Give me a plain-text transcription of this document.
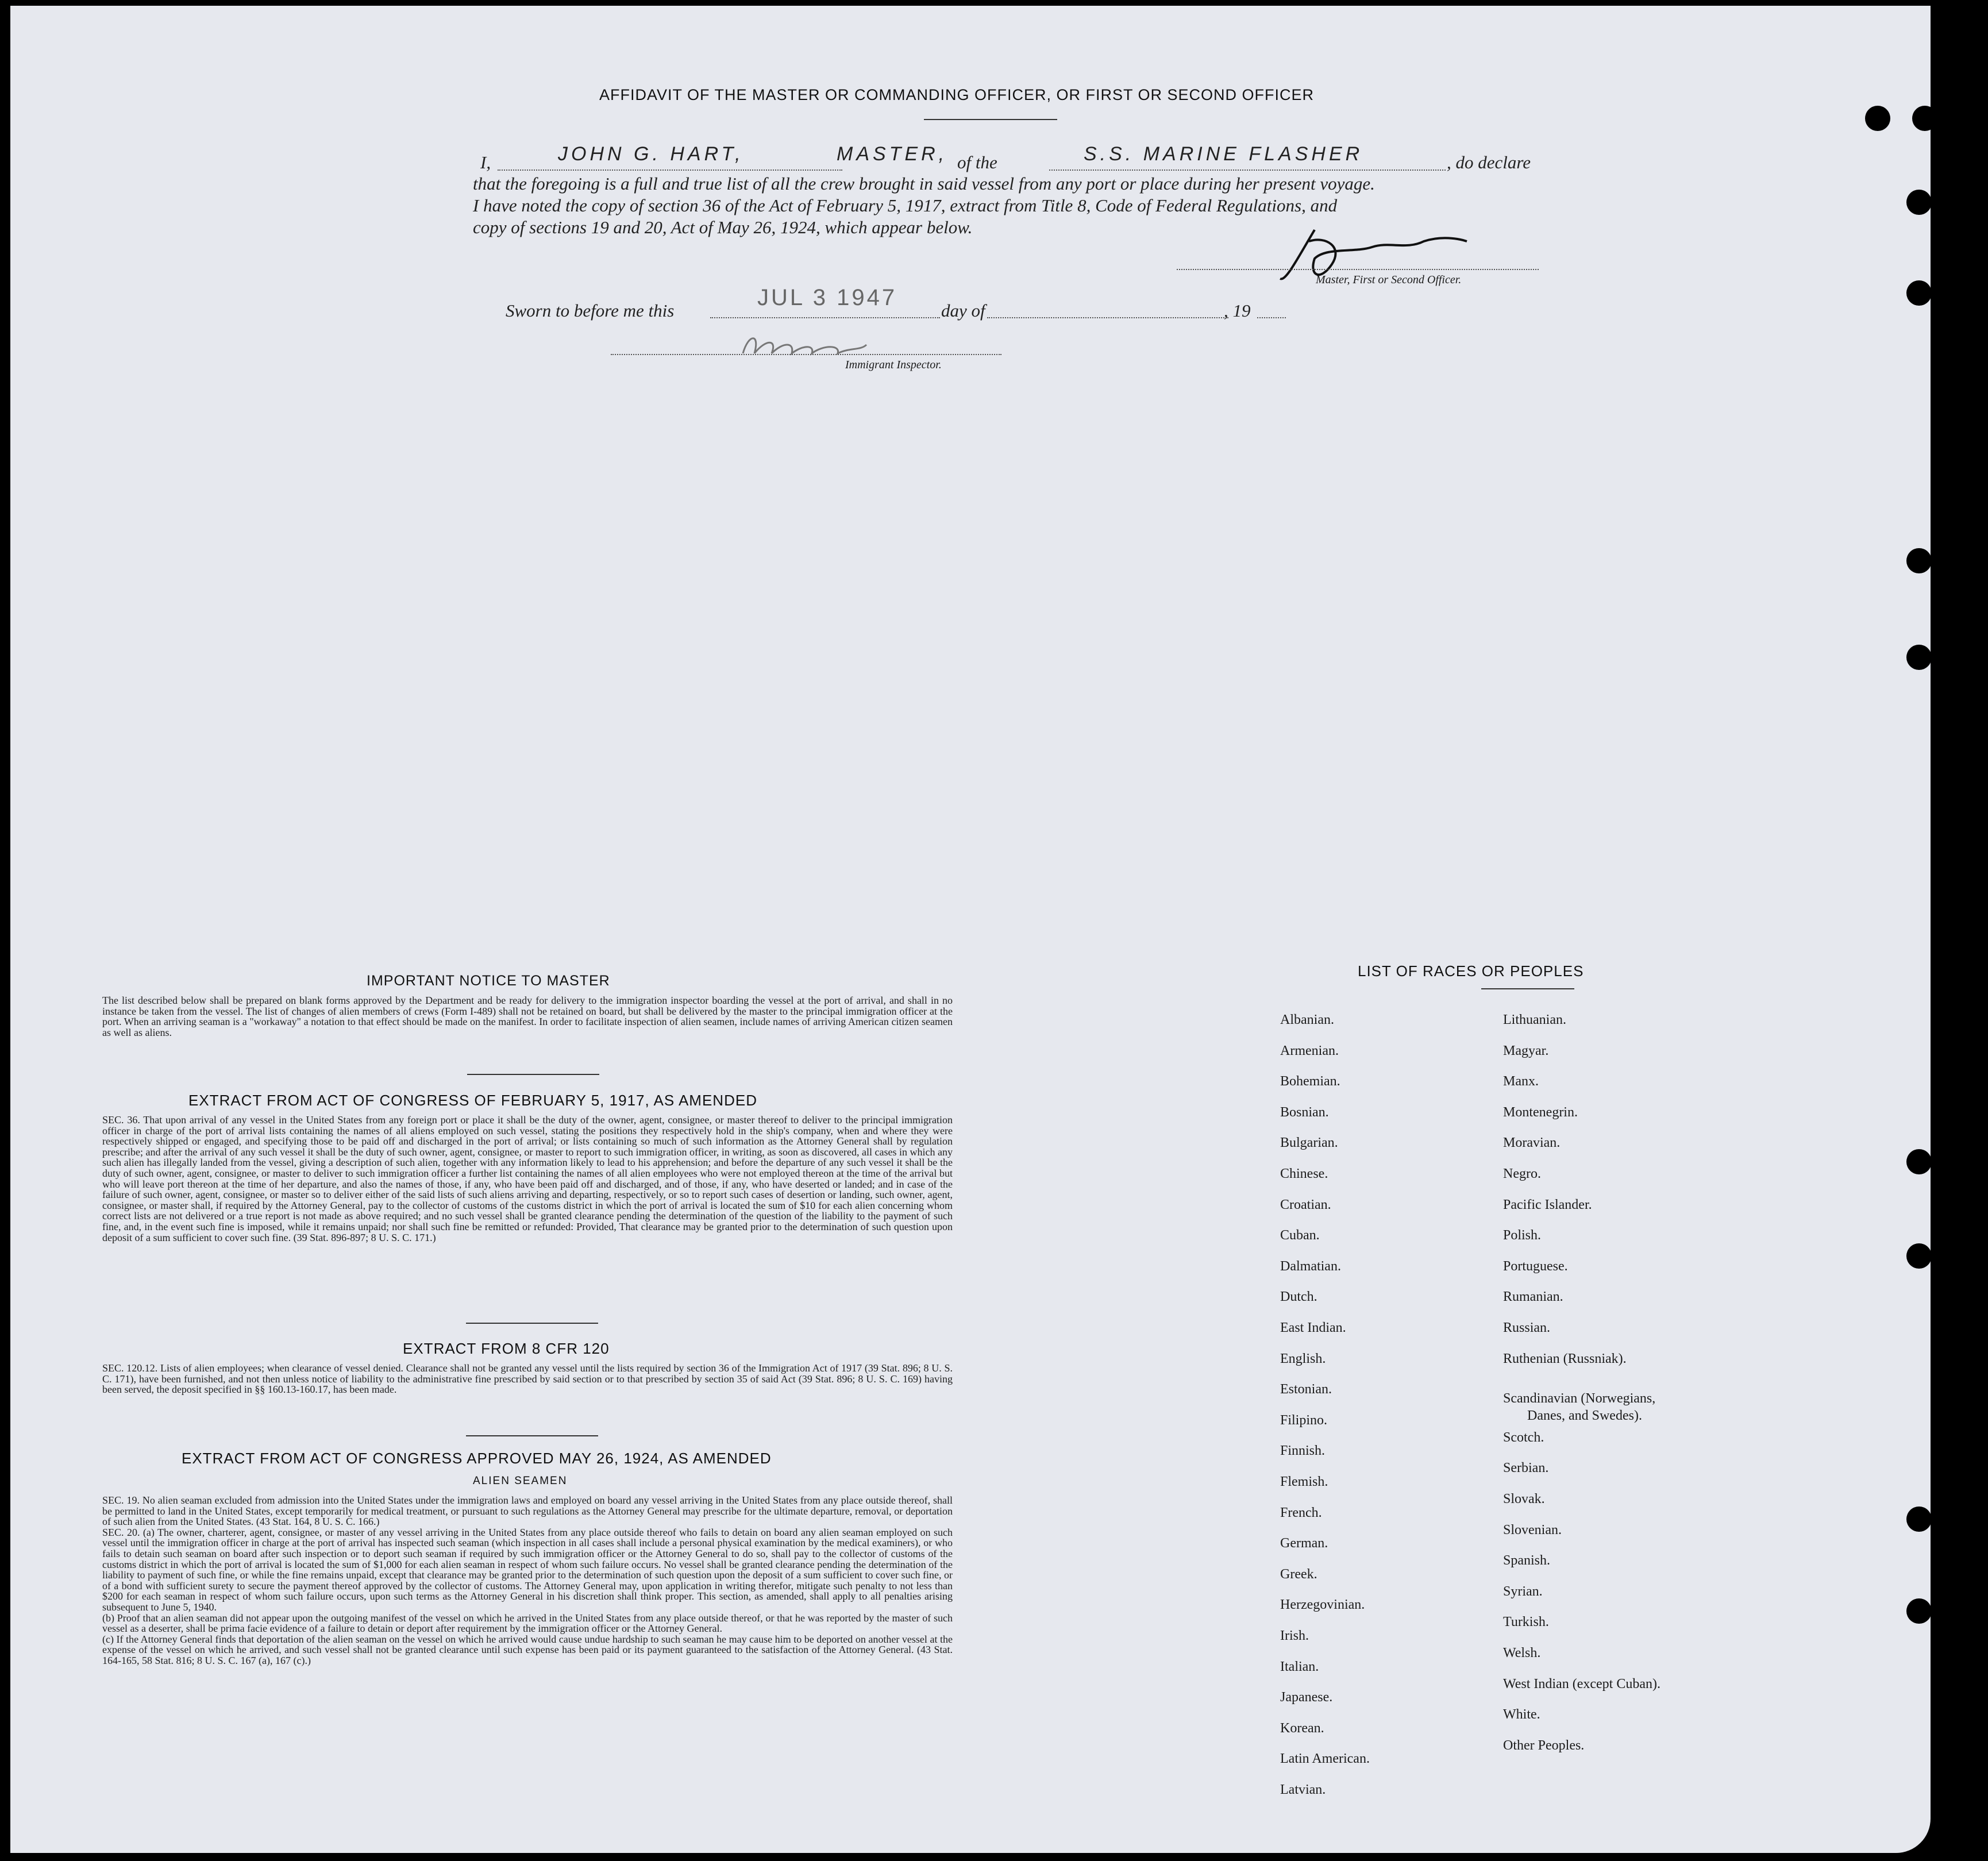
AFFIDAVIT OF THE MASTER OR COMMANDING OFFICER, OR FIRST OR SECOND OFFICER
I,	JOHN G. HART,	MASTER, of the	S.S. MARINE FLASHER	, do declare
that the foregoing is a full and true list of all the crew brought in said vessel from any port or place during her present voyage.
I have noted the copy of section 36 of the Act of February 5, 1917, extract from Title 8, Code of Federal Regulations, and
copy of sections 19 and 20, Act of May 26, 1924, which appear below.
Master, First or Second Officer.
Sworn to before me this
JUL 3 1947
day of	, 19
Immigrant Inspector.
IMPORTANT NOTICE TO MASTER
The list described below shall be prepared on blank forms approved by the Department and be ready for delivery to the immigration inspector boarding the vessel at the port of arrival, and shall in no instance be taken from the vessel. The list of changes of alien members of crews (Form I-489) shall not be retained on board, but shall be delivered by the master to the principal immigration officer at the port. When an arriving seaman is a "workaway" a notation to that effect should be made on the manifest. In order to facilitate inspection of alien seamen, include names of arriving American citizen seamen as well as aliens.
EXTRACT FROM ACT OF CONGRESS OF FEBRUARY 5, 1917, AS AMENDED
SEC. 36. That upon arrival of any vessel in the United States from any foreign port or place it shall be the duty of the owner, agent, consignee, or master thereof to deliver to the principal immigration officer in charge of the port of arrival lists containing the names of all aliens employed on such vessel, stating the positions they respectively hold in the ship's company, when and where they were respectively shipped or engaged, and specifying those to be paid off and discharged in the port of arrival; or lists containing so much of such information as the Attorney General shall by regulation prescribe; and after the arrival of any such vessel it shall be the duty of such owner, agent, consignee, or master to report to such immigration officer, in writing, as soon as discovered, all cases in which any such alien has illegally landed from the vessel, giving a description of such alien, together with any information likely to lead to his apprehension; and before the departure of any such vessel it shall be the duty of such owner, agent, consignee, or master to deliver to such immigration officer a further list containing the names of all alien employees who were not employed thereon at the time of the arrival but who will leave port thereon at the time of her departure, and also the names of those, if any, who have been paid off and discharged, and of those, if any, who have deserted or landed; and in case of the failure of such owner, agent, consignee, or master so to deliver either of the said lists of such aliens arriving and departing, respectively, or so to report such cases of desertion or landing, such owner, agent, consignee, or master shall, if required by the Attorney General, pay to the collector of customs of the customs district in which the port of arrival is located the sum of $10 for each alien concerning whom correct lists are not delivered or a true report is not made as above required; and no such vessel shall be granted clearance pending the determination of the question of the liability to the payment of such fine, and, in the event such fine is imposed, while it remains unpaid; nor shall such fine be remitted or refunded: Provided, That clearance may be granted prior to the determination of such question upon deposit of a sum sufficient to cover such fine. (39 Stat. 896-897; 8 U. S. C. 171.)
EXTRACT FROM 8 CFR 120
SEC. 120.12. Lists of alien employees; when clearance of vessel denied. Clearance shall not be granted any vessel until the lists required by section 36 of the Immigration Act of 1917 (39 Stat. 896; 8 U. S. C. 171), have been furnished, and not then unless notice of liability to the administrative fine prescribed by said section or to that prescribed by section 35 of said Act (39 Stat. 896; 8 U. S. C. 169) having been served, the deposit specified in §§ 160.13-160.17, has been made.
EXTRACT FROM ACT OF CONGRESS APPROVED MAY 26, 1924, AS AMENDED
ALIEN SEAMEN

SEC. 19. No alien seaman excluded from admission into the United States under the immigration laws and employed on board any vessel arriving in the United States from any place outside thereof, shall be permitted to land in the United States, except temporarily for medical treatment, or pursuant to such regulations as the Attorney General may prescribe for the ultimate departure, removal, or deportation of such alien from the United States. (43 Stat. 164, 8 U. S. C. 166.)

SEC. 20. (a) The owner, charterer, agent, consignee, or master of any vessel arriving in the United States from any place outside thereof who fails to detain on board any alien seaman employed on such vessel until the immigration officer in charge at the port of arrival has inspected such seaman (which inspection in all cases shall include a personal physical examination by the medical examiners), or who fails to detain such seaman on board after such inspection or to deport such seaman if required by such immigration officer or the Attorney General to do so, shall pay to the collector of customs of the customs district in which the port of arrival is located the sum of $1,000 for each alien seaman in respect of whom such failure occurs. No vessel shall be granted clearance pending the determination of the liability to payment of such fine, or while the fine remains unpaid, except that clearance may be granted prior to the determination of such question upon the deposit of a sum sufficient to cover such fine, or of a bond with sufficient surety to secure the payment thereof approved by the collector of customs. The Attorney General may, upon application in writing therefor, mitigate such penalty to not less than $200 for each seaman in respect of whom such failure occurs, upon such terms as the Attorney General in his discretion shall think proper. This section, as amended, shall apply to all penalties arising subsequent to June 5, 1940.

(b) Proof that an alien seaman did not appear upon the outgoing manifest of the vessel on which he arrived in the United States from any place outside thereof, or that he was reported by the master of such vessel as a deserter, shall be prima facie evidence of a failure to detain or deport after requirement by the immigration officer or the Attorney General.

(c) If the Attorney General finds that deportation of the alien seaman on the vessel on which he arrived would cause undue hardship to such seaman he may cause him to be deported on another vessel at the expense of the vessel on which he arrived, and such vessel shall not be granted clearance until such expense has been paid or its payment guaranteed to the satisfaction of the Attorney General. (43 Stat. 164-165, 58 Stat. 816; 8 U. S. C. 167 (a), 167 (c).)

LIST OF RACES OR PEOPLES
Albanian.
Armenian.
Bohemian.
Bosnian.
Bulgarian.
Chinese.
Croatian.
Cuban.
Dalmatian.
Dutch.
East Indian.
English.
Estonian.
Filipino.
Finnish.
Flemish.
French.
German.
Greek.
Herzegovinian.
Irish.
Italian.
Japanese.
Korean.
Latin American.
Latvian.
Lithuanian.
Magyar.
Manx.
Montenegrin.
Moravian.
Negro.
Pacific Islander.
Polish.
Portuguese.
Rumanian.
Russian.
Ruthenian (Russniak).
Scandinavian (Norwegians,
Danes, and Swedes).
Scotch.
Serbian.
Slovak.
Slovenian.
Spanish.
Syrian.
Turkish.
Welsh.
West Indian (except Cuban).
White.
Other Peoples.
